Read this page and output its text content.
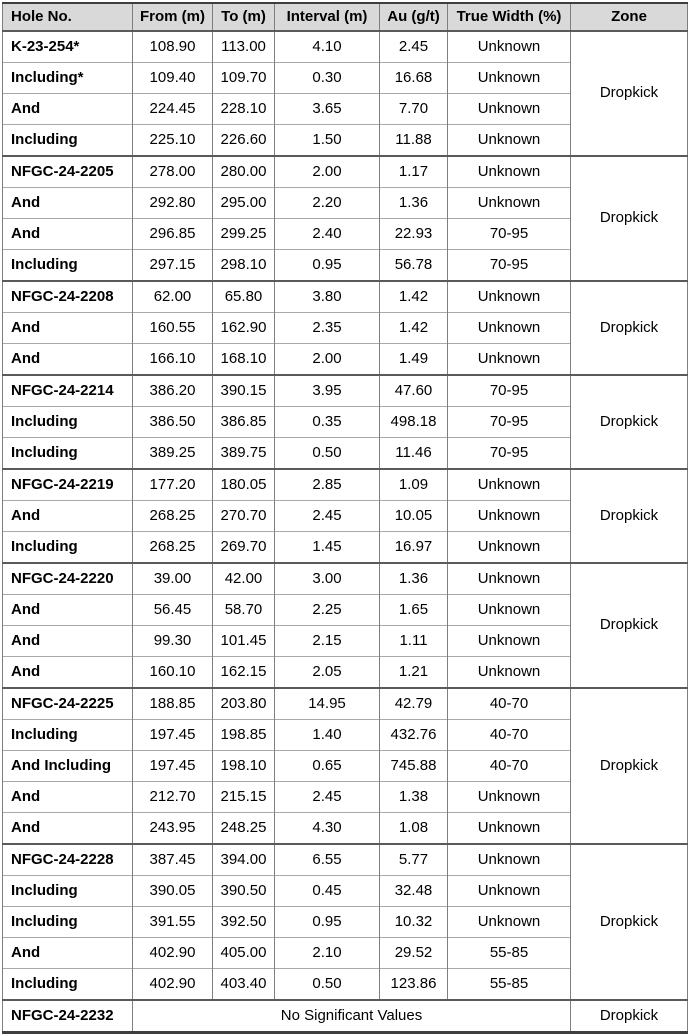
Hole No.	From (m)	To (m)	Interval (m)	Au (g/t)	True Width (%)	Zone
K-23-254*	108.90	113.00	4.10	2.45	Unknown	Dropkick
Including*	109.40	109.70	0.30	16.68	Unknown	
And	224.45	228.10	3.65	7.70	Unknown	
Including	225.10	226.60	1.50	11.88	Unknown	
NFGC-24-2205	278.00	280.00	2.00	1.17	Unknown	Dropkick
And	292.80	295.00	2.20	1.36	Unknown	
And	296.85	299.25	2.40	22.93	70-95	
Including	297.15	298.10	0.95	56.78	70-95	
NFGC-24-2208	62.00	65.80	3.80	1.42	Unknown	Dropkick
And	160.55	162.90	2.35	1.42	Unknown	
And	166.10	168.10	2.00	1.49	Unknown	
NFGC-24-2214	386.20	390.15	3.95	47.60	70-95	Dropkick
Including	386.50	386.85	0.35	498.18	70-95	
Including	389.25	389.75	0.50	11.46	70-95	
NFGC-24-2219	177.20	180.05	2.85	1.09	Unknown	Dropkick
And	268.25	270.70	2.45	10.05	Unknown	
Including	268.25	269.70	1.45	16.97	Unknown	
NFGC-24-2220	39.00	42.00	3.00	1.36	Unknown	Dropkick
And	56.45	58.70	2.25	1.65	Unknown	
And	99.30	101.45	2.15	1.11	Unknown	
And	160.10	162.15	2.05	1.21	Unknown	
NFGC-24-2225	188.85	203.80	14.95	42.79	40-70	Dropkick
Including	197.45	198.85	1.40	432.76	40-70	
And Including	197.45	198.10	0.65	745.88	40-70	
And	212.70	215.15	2.45	1.38	Unknown	
And	243.95	248.25	4.30	1.08	Unknown	
NFGC-24-2228	387.45	394.00	6.55	5.77	Unknown	Dropkick
Including	390.05	390.50	0.45	32.48	Unknown	
Including	391.55	392.50	0.95	10.32	Unknown	
And	402.90	405.00	2.10	29.52	55-85	
Including	402.90	403.40	0.50	123.86	55-85	
NFGC-24-2232	No Significant Values					Dropkick
